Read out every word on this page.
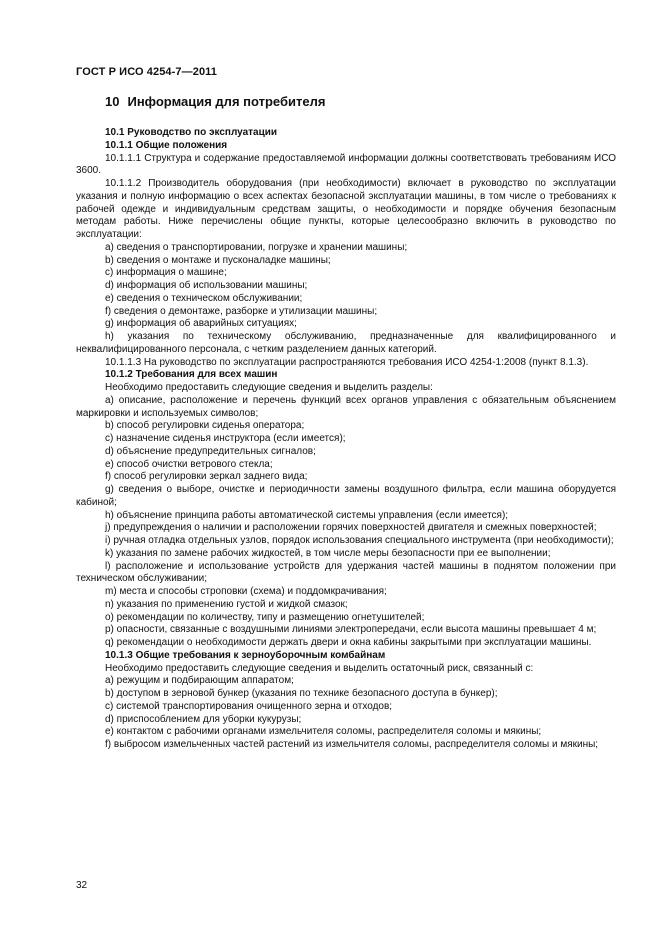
ГОСТ Р ИСО 4254-7—2011
10 Информация для потребителя
10.1 Руководство по эксплуатации
10.1.1 Общие положения
10.1.1.1 Структура и содержание предоставляемой информации должны соответствовать требованиям ИСО 3600.
10.1.1.2 Производитель оборудования (при необходимости) включает в руководство по эксплуатации указания и полную информацию о всех аспектах безопасной эксплуатации машины, в том числе о требованиях к рабочей одежде и индивидуальным средствам защиты, о необходимости и порядке обучения безопасным методам работы. Ниже перечислены общие пункты, которые целесообразно включить в руководство по эксплуатации:
a) сведения о транспортировании, погрузке и хранении машины;
b) сведения о монтаже и пусконаладке машины;
c) информация о машине;
d) информация об использовании машины;
e) сведения о техническом обслуживании;
f) сведения о демонтаже, разборке и утилизации машины;
g) информация об аварийных ситуациях;
h) указания по техническому обслуживанию, предназначенные для квалифицированного и неквалифицированного персонала, с четким разделением данных категорий.
10.1.1.3 На руководство по эксплуатации распространяются требования ИСО 4254-1:2008 (пункт 8.1.3).
10.1.2 Требования для всех машин
Необходимо предоставить следующие сведения и выделить разделы:
a) описание, расположение и перечень функций всех органов управления с обязательным объяснением маркировки и используемых символов;
b) способ регулировки сиденья оператора;
c) назначение сиденья инструктора (если имеется);
d) объяснение предупредительных сигналов;
e) способ очистки ветрового стекла;
f) способ регулировки зеркал заднего вида;
g) сведения о выборе, очистке и периодичности замены воздушного фильтра, если машина оборудуется кабиной;
h) объяснение принципа работы автоматической системы управления (если имеется);
j) предупреждения о наличии и расположении горячих поверхностей двигателя и смежных поверхностей;
i) ручная отладка отдельных узлов, порядок использования специального инструмента (при необходимости);
k) указания по замене рабочих жидкостей, в том числе меры безопасности при ее выполнении;
l) расположение и использование устройств для удержания частей машины в поднятом положении при техническом обслуживании;
m) места и способы строповки (схема) и поддомкрачивания;
n) указания по применению густой и жидкой смазок;
o) рекомендации по количеству, типу и размещению огнетушителей;
p) опасности, связанные с воздушными линиями электропередачи, если высота машины превышает 4 м;
q) рекомендации о необходимости держать двери и окна кабины закрытыми при эксплуатации машины.
10.1.3 Общие требования к зерноуборочным комбайнам
Необходимо предоставить следующие сведения и выделить остаточный риск, связанный с:
a) режущим и подбирающим аппаратом;
b) доступом в зерновой бункер (указания по технике безопасного доступа в бункер);
c) системой транспортирования очищенного зерна и отходов;
d) приспособлением для уборки кукурузы;
e) контактом с рабочими органами измельчителя соломы, распределителя соломы и мякины;
f) выбросом измельченных частей растений из измельчителя соломы, распределителя соломы и мякины;
32
